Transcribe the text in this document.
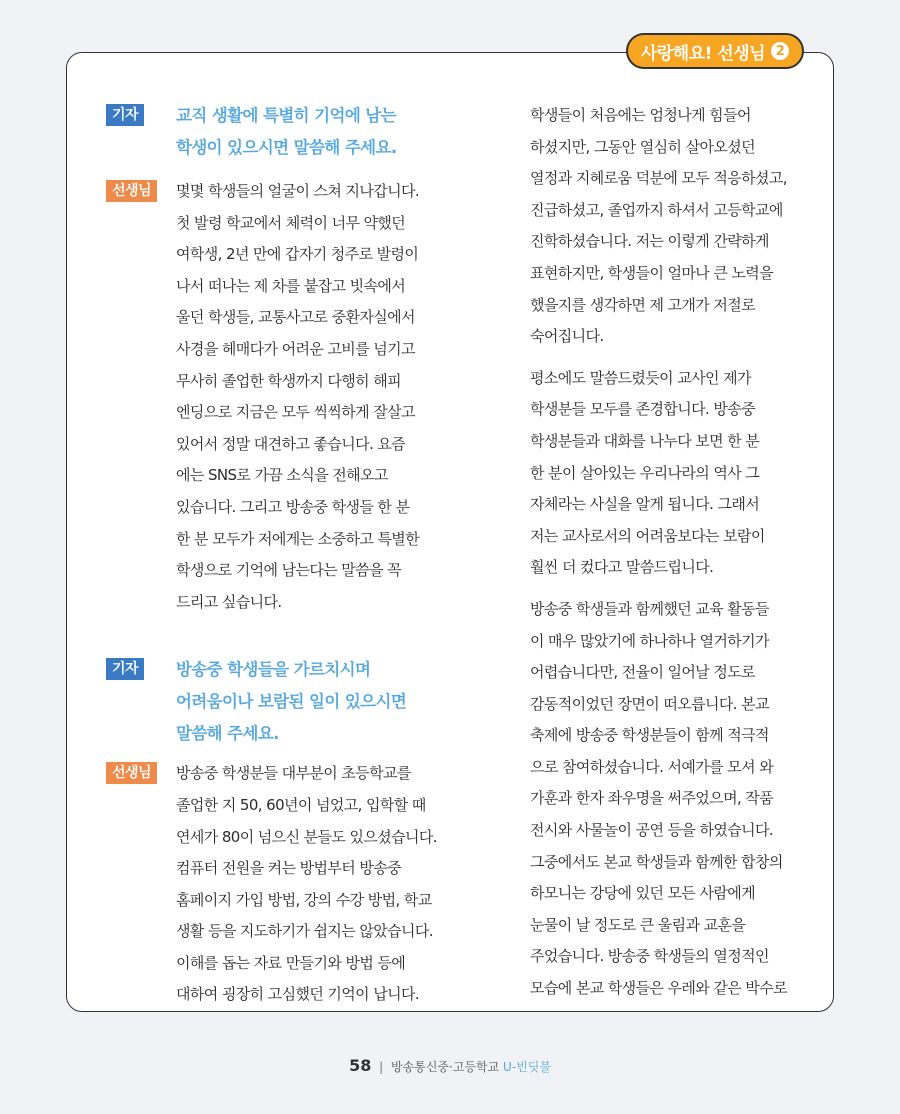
사랑해요! 선생님 2
기자	교직 생활에 특별히 기억에 남는
학생이 있으시면 말씀해 주세요.
선생님	몇몇 학생들의 얼굴이 스쳐 지나갑니다.
첫 발령 학교에서 체력이 너무 약했던
여학생, 2년 만에 갑자기 청주로 발령이
나서 떠나는 제 차를 붙잡고 빗속에서
울던 학생들, 교통사고로 중환자실에서
사경을 헤매다가 어려운 고비를 넘기고
무사히 졸업한 학생까지 다행히 해피
엔딩으로 지금은 모두 씩씩하게 잘살고
있어서 정말 대견하고 좋습니다. 요즘
에는 SNS로 가끔 소식을 전해오고
있습니다. 그리고 방송중 학생들 한 분
한 분 모두가 저에게는 소중하고 특별한
학생으로 기억에 남는다는 말씀을 꼭
드리고 싶습니다.
기자	방송중 학생들을 가르치시며
어려움이나 보람된 일이 있으시면
말씀해 주세요.
선생님	방송중 학생분들 대부분이 초등학교를
졸업한 지 50, 60년이 넘었고, 입학할 때
연세가 80이 넘으신 분들도 있으셨습니다.
컴퓨터 전원을 켜는 방법부터 방송중
홈페이지 가입 방법, 강의 수강 방법, 학교
생활 등을 지도하기가 쉽지는 않았습니다.
이해를 돕는 자료 만들기와 방법 등에
대하여 굉장히 고심했던 기억이 납니다.
학생들이 처음에는 엄청나게 힘들어
하셨지만, 그동안 열심히 살아오셨던
열정과 지혜로움 덕분에 모두 적응하셨고,
진급하셨고, 졸업까지 하셔서 고등학교에
진학하셨습니다. 저는 이렇게 간략하게
표현하지만, 학생들이 얼마나 큰 노력을
했을지를 생각하면 제 고개가 저절로
숙어집니다.
평소에도 말씀드렸듯이 교사인 제가
학생분들 모두를 존경합니다. 방송중
학생분들과 대화를 나누다 보면 한 분
한 분이 살아있는 우리나라의 역사 그
자체라는 사실을 알게 됩니다. 그래서
저는 교사로서의 어려움보다는 보람이
훨씬 더 컸다고 말씀드립니다.
방송중 학생들과 함께했던 교육 활동들
이 매우 많았기에 하나하나 열거하기가
어렵습니다만, 전율이 일어날 정도로
감동적이었던 장면이 떠오릅니다. 본교
축제에 방송중 학생분들이 함께 적극적
으로 참여하셨습니다. 서예가를 모셔 와
가훈과 한자 좌우명을 써주었으며, 작품
전시와 사물놀이 공연 등을 하였습니다.
그중에서도 본교 학생들과 함께한 합창의
하모니는 강당에 있던 모든 사람에게
눈물이 날 정도로 큰 울림과 교훈을
주었습니다. 방송중 학생들의 열정적인
모습에 본교 학생들은 우레와 같은 박수로
58 | 방송통신중·고등학교 U-빈딧불
